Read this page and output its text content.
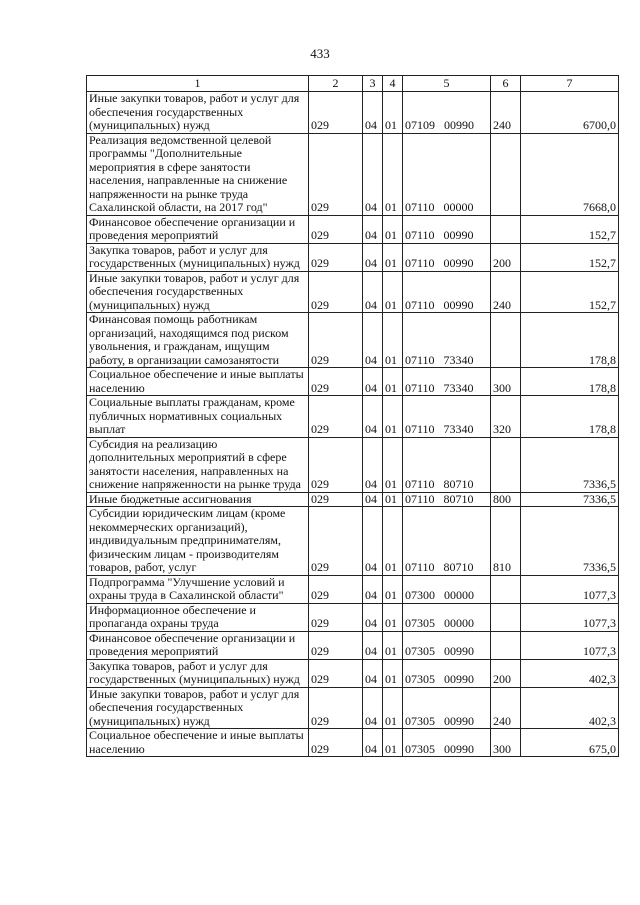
433
1	2	3	4	5	6	7
Иные закупки товаров, работ и услуг для обеспечения государственных (муниципальных) нужд	029	04	01	07109 00990	240	6700,0
Реализация ведомственной целевой программы "Дополнительные мероприятия в сфере занятости населения, направленные на снижение напряженности на рынке труда Сахалинской области, на 2017 год"	029	04	01	07110 00000		7668,0
Финансовое обеспечение организации и проведения мероприятий	029	04	01	07110 00990		152,7
Закупка товаров, работ и услуг для государственных (муниципальных) нужд	029	04	01	07110 00990	200	152,7
Иные закупки товаров, работ и услуг для обеспечения государственных (муниципальных) нужд	029	04	01	07110 00990	240	152,7
Финансовая помощь работникам организаций, находящимся под риском увольнения, и гражданам, ищущим работу, в организации самозанятости	029	04	01	07110 73340		178,8
Социальное обеспечение и иные выплаты населению	029	04	01	07110 73340	300	178,8
Социальные выплаты гражданам, кроме публичных нормативных социальных выплат	029	04	01	07110 73340	320	178,8
Субсидия на реализацию дополнительных мероприятий в сфере занятости населения, направленных на снижение напряженности на рынке труда	029	04	01	07110 80710		7336,5
Иные бюджетные ассигнования	029	04	01	07110 80710	800	7336,5
Субсидии юридическим лицам (кроме некоммерческих организаций), индивидуальным предпринимателям, физическим лицам - производителям товаров, работ, услуг	029	04	01	07110 80710	810	7336,5
Подпрограмма "Улучшение условий и охраны труда в Сахалинской области"	029	04	01	07300 00000		1077,3
Информационное обеспечение и пропаганда охраны труда	029	04	01	07305 00000		1077,3
Финансовое обеспечение организации и проведения мероприятий	029	04	01	07305 00990		1077,3
Закупка товаров, работ и услуг для государственных (муниципальных) нужд	029	04	01	07305 00990	200	402,3
Иные закупки товаров, работ и услуг для обеспечения государственных (муниципальных) нужд	029	04	01	07305 00990	240	402,3
Социальное обеспечение и иные выплаты населению	029	04	01	07305 00990	300	675,0
